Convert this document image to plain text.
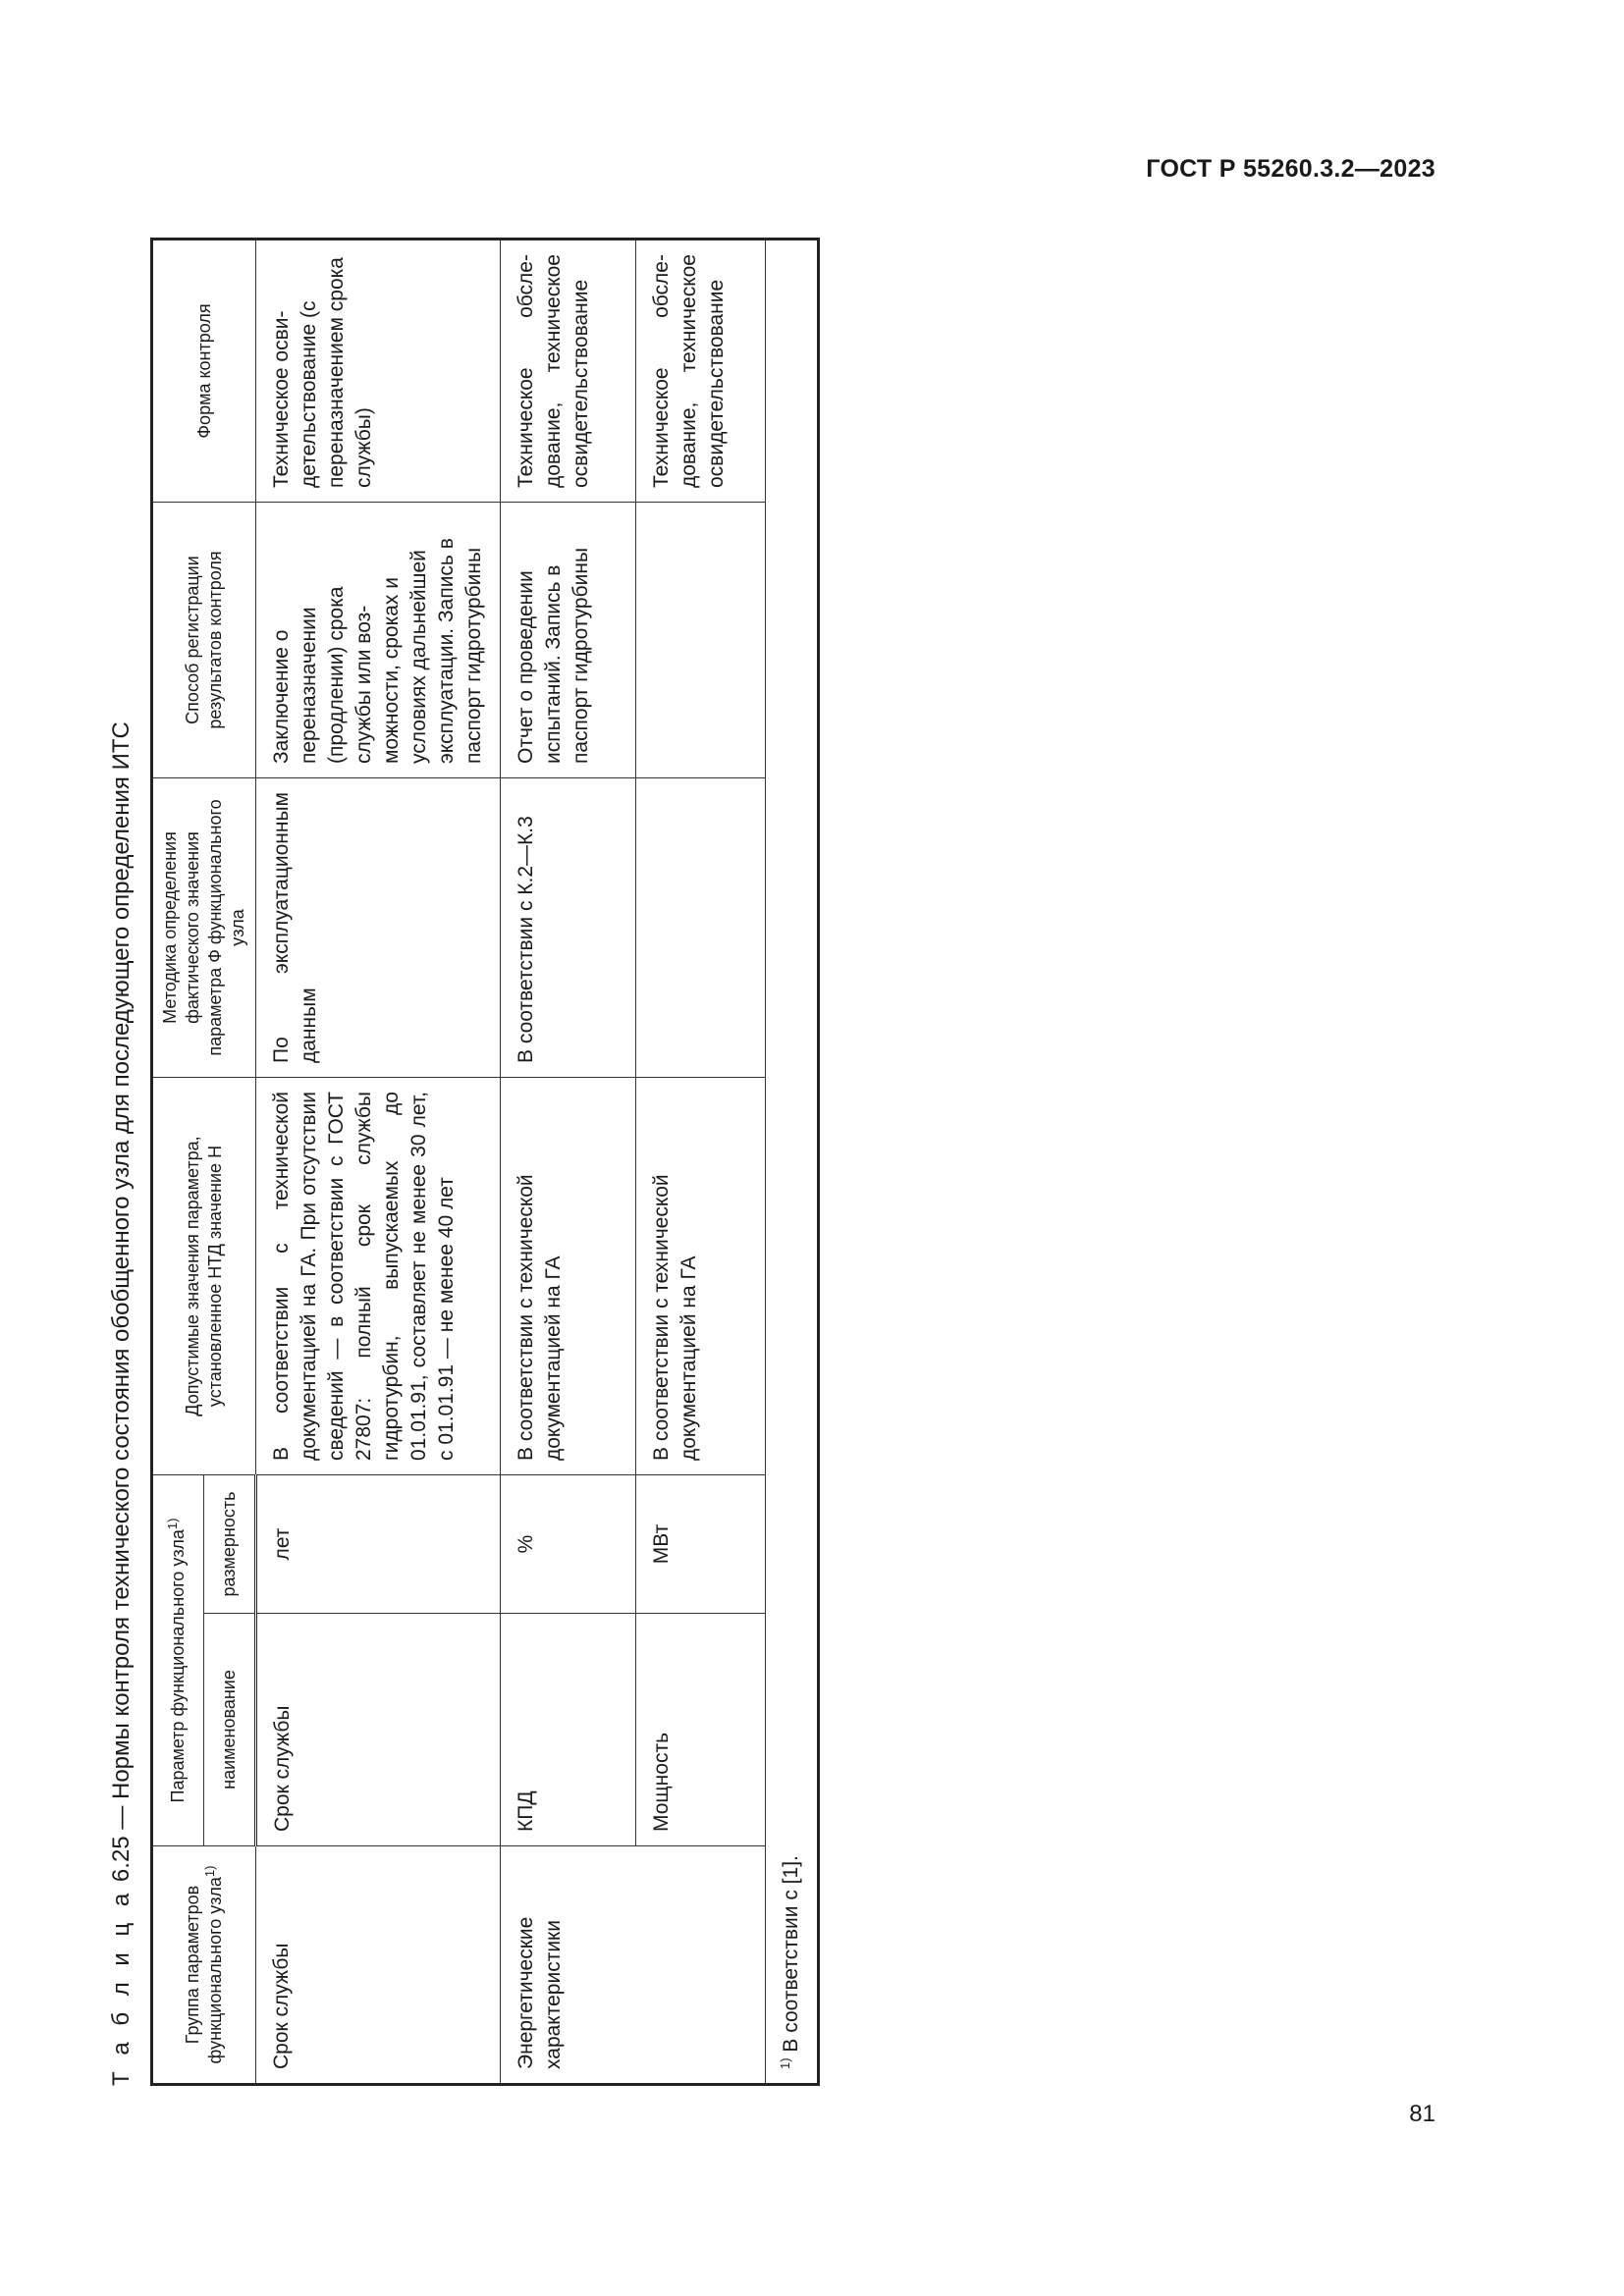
ГОСТ Р 55260.3.2—2023
Т а б л и ц а 6.25 — Нормы контроля технического состояния обобщенного узла для последующего определения ИТС
Группа параметров функционального узла$^{1)}$	Параметр функционального узла$^{1)}$		Допустимые значения параметра, установленное НТД значение Н	Методика определения фактического значения параметра Ф функционального узла	Способ регистрации результатов контроля	Форма контроля
	наименование	размерность				
Срок службы	Срок службы	лет	В соответствии с технической документацией на ГА. При отсутствии сведений — в соответствии с ГОСТ 27807: полный срок службы гидротурбин, выпускаемых до 01.01.91, составляет не менее 30 лет, с 01.01.91 — не менее 40 лет	По эксплуатационным данным	Заключение о переназначении (продлении) срока службы или возможности, сроках и условиях дальнейшей эксплуатации. Запись в паспорт гидротурбины	Техническое освидетельствование (с переназначением срока службы)
Энергетические характеристики	КПД	%	В соответствии с технической документацией на ГА	В соответствии с К.2—К.3	Отчет о проведении испытаний. Запись в паспорт гидротурбины	Техническое обследование, техническое освидетельствование
	Мощность	МВт	В соответствии с технической документацией на ГА			Техническое обследование, техническое освидетельствование
$^{1)}$ В соответствии с [1].						
81
